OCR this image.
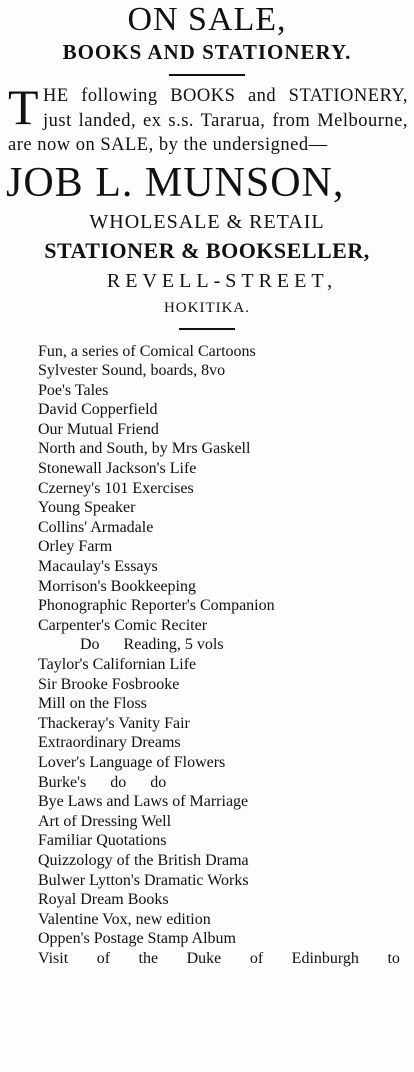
ON SALE,
BOOKS AND STATIONERY.
T HE following BOOKS and STATIONERY, just landed, ex s.s. Tararua, from Melbourne, are now on SALE, by the undersigned—
JOB L. MUNSON,
WHOLESALE & RETAIL
STATIONER & BOOKSELLER,
REVELL-STREET,
HOKITIKA.
Fun, a series of Comical Cartoons
Sylvester Sound, boards, 8vo
Poe's Tales
David Copperfield
Our Mutual Friend
North and South, by Mrs Gaskell
Stonewall Jackson's Life
Czerney's 101 Exercises
Young Speaker
Collins' Armadale
Orley Farm
Macaulay's Essays
Morrison's Bookkeeping
Phonographic Reporter's Companion
Carpenter's Comic Reciter
Do      Reading, 5 vols
Taylor's Californian Life
Sir Brooke Fosbrooke
Mill on the Floss
Thackeray's Vanity Fair
Extraordinary Dreams
Lover's Language of Flowers
Burke's      do      do
Bye Laws and Laws of Marriage
Art of Dressing Well
Familiar Quotations
Quizzology of the British Drama
Bulwer Lytton's Dramatic Works
Royal Dream Books
Valentine Vox, new edition
Oppen's Postage Stamp Album
Visit of the Duke of Edinburgh to
